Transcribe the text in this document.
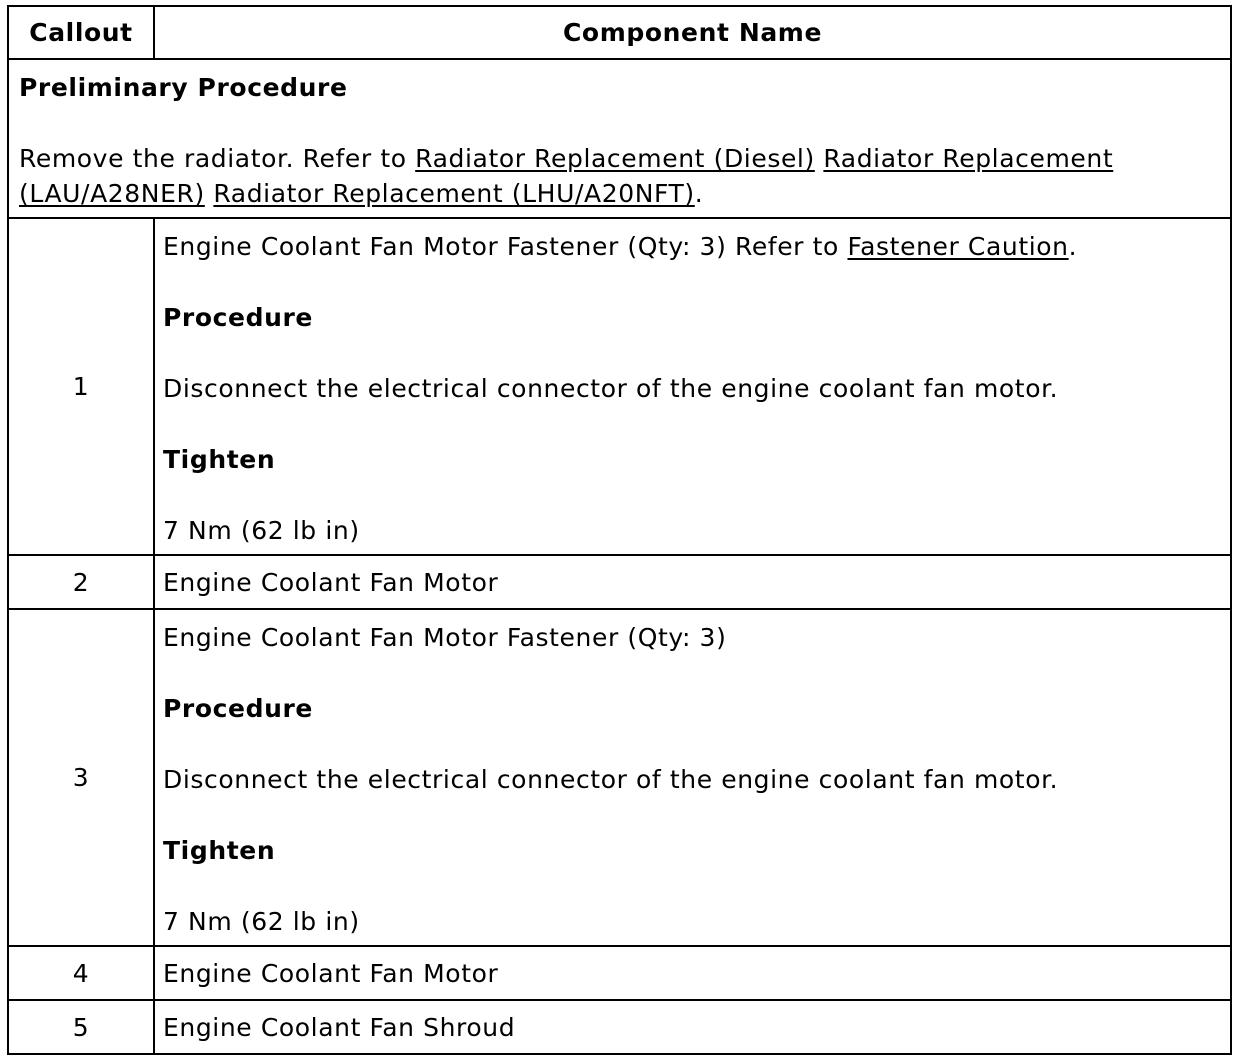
Callout	Component Name

Preliminary Procedure
Remove the radiator. Refer to Radiator Replacement (Diesel) Radiator Replacement (LAU/A28NER) Radiator Replacement (LHU/A20NFT).	

1	Engine Coolant Fan Motor Fastener (Qty: 3) Refer to Fastener Caution.
Procedure
Disconnect the electrical connector of the engine coolant fan motor.
Tighten
7 Nm (62 lb in)

2	Engine Coolant Fan Motor
3	Engine Coolant Fan Motor Fastener (Qty: 3)
Procedure
Disconnect the electrical connector of the engine coolant fan motor.
Tighten
7 Nm (62 lb in)

4	Engine Coolant Fan Motor
5	Engine Coolant Fan Shroud
